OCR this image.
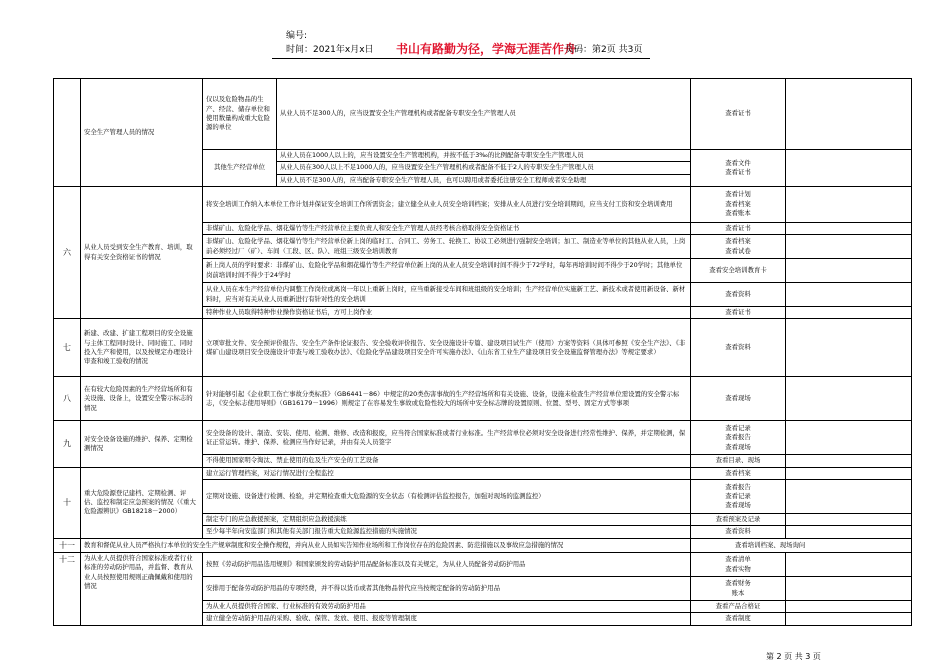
编号:
时间：2021年x月x日 书山有路勤为径，学海无涯苦作舟
页码：第2页 共3页
	安全生产管理人员的情况	仅以及危险物品的生产、经营、储存单位和使用数量构成重大危险源的单位	从业人员不足300人的，应当设置安全生产管理机构或者配备专职安全生产管理人员	查看证书	

		其他生产经营单位	从业人员在1000人以上的，应当设置安全生产管理机构，并按不低于3‰的比例配备专职安全生产管理人员	查看文件
查看证书	

			从业人员在300人以上不足1000人的，应当设置安全生产管理机构或者配备不低于2人的专职安全生产管理人员		
			从业人员不足300人的，应当配备专职安全生产管理人员，也可以聘用或者委托注册安全工程师或者安全助理		
六	从业人员受到安全生产教育、培训，取得有关安全资格证书的情况	将安全培训工作纳入本单位工作计划并保证安全培训工作所需资金；建立健全从业人员安全培训档案；安排从业人员进行安全培训期间，应当支付工资和安全培训费用		查看计划
查看档案
查看账本	

		非煤矿山、危险化学品、烟花爆竹等生产经营单位主要负责人和安全生产管理人员经考核合格取得安全资格证书		查看证书	

		非煤矿山、危险化学品、烟花爆竹等生产经营单位新上岗的临时工、合同工、劳务工、轮换工、协议工必须进行强制安全培训；加工、制造业等单位的其他从业人员，上岗前必须经过厂（矿）、车间（工段、区、队）、班组三级安全培训教育		查看档案
查看试卷	

		新上岗人员的学时要求：非煤矿山、危险化学品和烟花爆竹等生产经营单位新上岗的从业人员安全培训时间不得少于72学时，每年再培训时间不得少于20学时；其他单位岗前培训时间不得少于24学时		查看安全培训教育卡	

		从业人员在本生产经营单位内调整工作岗位或离岗一年以上重新上岗时，应当重新接受车间和班组级的安全培训；生产经营单位实施新工艺、新技术或者使用新设备、新材料时，应当对有关从业人员重新进行有针对性的安全培训		查看资料	

		特种作业人员取得特种作业操作资格证书后，方可上岗作业		查看证书	

七	新建、改建、扩建工程项目的安全设施与主体工程同时设计、同时施工、同时投入生产和使用，以及按规定办理设计审查和竣工验收的情况	立项审批文件、安全预评价报告、安全生产条件论证报告、安全验收评价报告、安全设施设计专篇、建设项目试生产（使用）方案等资料（具体可参照《安全生产法》、《非煤矿山建设项目安全设施设计审查与竣工验收办法》、《危险化学品建设项目安全许可实施办法》、《山东省工业生产建设项目安全设施监督管理办法》等规定要求）		查看资料	

八	在有较大危险因素的生产经营场所和有关设施、设备上，设置安全警示标志的情况	针对能够引起《企业职工伤亡事故分类标准》（GB6441－86）中规定的20类伤害事故的生产经营场所和有关设施、设备，设施未检查生产经营单位需设置的安全警示标志，《安全标志使用导则》（GB16179－1996）则规定了在容易发生事故或危险性较大的场所中安全标志牌的设置原则、位置、型号、固定方式等事项		查看现场	

九	对安全设备设施的维护、保养、定期检测情况	安全设备的设计、制造、安装、使用、检测、维修、改造和报废，应当符合国家标准或者行业标准。生产经营单位必须对安全设备进行经常性维护、保养，并定期检测，保证正常运转。维护、保养、检测应当作好记录，并由有关人员签字		查看记录
查看报告
查看现场	

		不得使用国家明令淘汰、禁止使用的危及生产安全的工艺设备		查看目录、现场	

十	重大危险源登记建档、定期检测、评估、监控和制定应急预案的情况（《重大危险源辨识》GB18218－2000）	建立运行管理档案，对运行情况进行全程监控		查看档案	

		定期对设施、设备进行检测、检验，并定期检查重大危险源的安全状态（有检测评估监控报告，加强对现场的监测监控）		查看报告
查看记录
查看现场	

		制定专门的应急救援预案，定期组织应急救援演练		查看预案及记录	

		至少每半年向安监部门和其他有关部门报告重大危险源监控措施的实施情况		查看资料	

十一	教育和督促从业人员严格执行本单位的安全生产规章制度和安全操作规程，并向从业人员如实告知作业场所和工作岗位存在的危险因素、防范措施以及事故应急措施的情况			查看培训档案、现场询问	

十二	为从业人员提供符合国家标准或者行业标准的劳动防护用品，并监督、教育从业人员按照使用规则正确佩戴和使用的情况	按照《劳动防护用品选用规则》和国家颁发的劳动防护用品配备标准以及有关规定，为从业人员配备劳动防护用品		查看清单
查看实物	

		安排用于配备劳动防护用品的专项经费，并不得以货币或者其他物品替代应当按规定配备的劳动防护用品		查看财务
账本	

		为从业人员提供符合国家、行业标准的有效劳动防护用品		查看产品合格证	

		建立健全劳动防护用品的采购、验收、保管、发放、使用、报废等管理制度		查看制度	

第 2 页 共 3 页
